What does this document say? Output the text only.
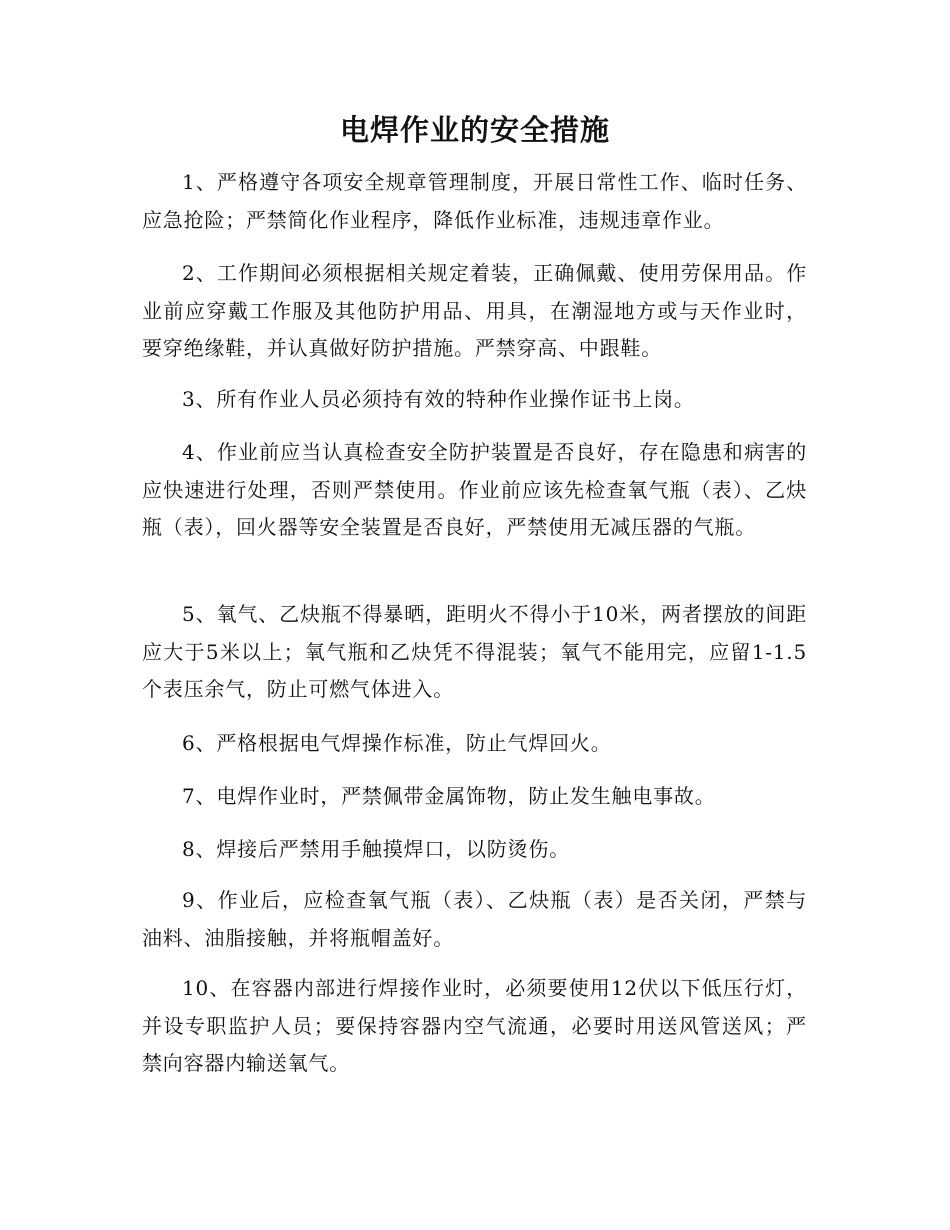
电焊作业的安全措施

1、严格遵守各项安全规章管理制度，开展日常性工作、临时任务、应急抢险；严禁简化作业程序，降低作业标准，违规违章作业。

2、工作期间必须根据相关规定着装，正确佩戴、使用劳保用品。作业前应穿戴工作服及其他防护用品、用具，在潮湿地方或与天作业时，要穿绝缘鞋，并认真做好防护措施。严禁穿高、中跟鞋。

3、所有作业人员必须持有效的特种作业操作证书上岗。

4、作业前应当认真检查安全防护装置是否良好，存在隐患和病害的应快速进行处理，否则严禁使用。作业前应该先检查氧气瓶（表）、乙炔瓶（表），回火器等安全装置是否良好，严禁使用无减压器的气瓶。

5、氧气、乙炔瓶不得暴晒，距明火不得小于10米，两者摆放的间距应大于5米以上；氧气瓶和乙炔凭不得混装；氧气不能用完，应留1-1.5个表压余气，防止可燃气体进入。

6、严格根据电气焊操作标准，防止气焊回火。

7、电焊作业时，严禁佩带金属饰物，防止发生触电事故。

8、焊接后严禁用手触摸焊口，以防烫伤。

9、作业后，应检查氧气瓶（表）、乙炔瓶（表）是否关闭，严禁与油料、油脂接触，并将瓶帽盖好。

10、在容器内部进行焊接作业时，必须要使用12伏以下低压行灯，并设专职监护人员；要保持容器内空气流通，必要时用送风管送风；严禁向容器内输送氧气。
